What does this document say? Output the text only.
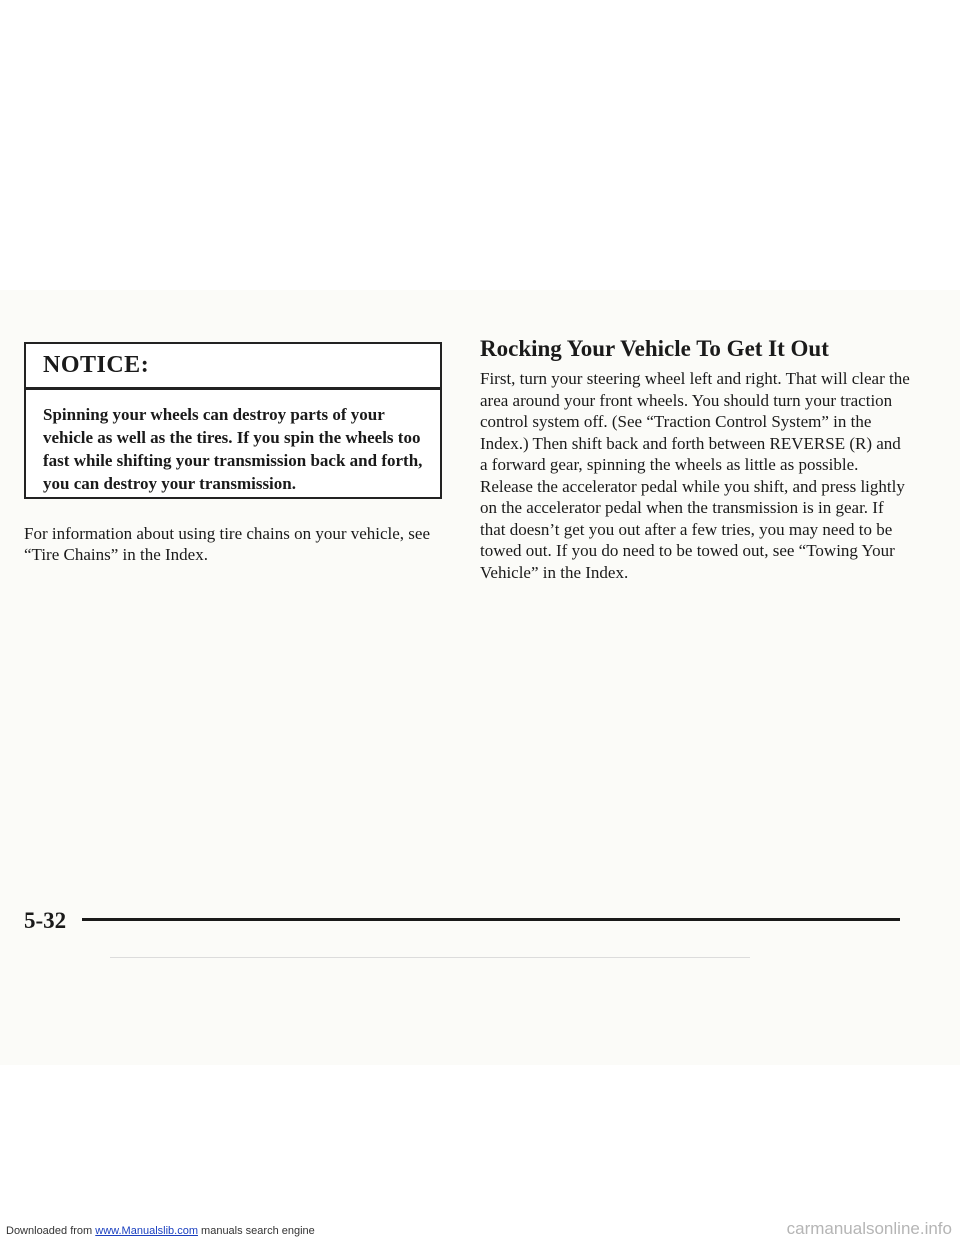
NOTICE:
Spinning your wheels can destroy parts of your vehicle as well as the tires. If you spin the wheels too fast while shifting your transmission back and forth, you can destroy your transmission.
For information about using tire chains on your vehicle, see “Tire Chains” in the Index.
Rocking Your Vehicle To Get It Out
First, turn your steering wheel left and right. That will clear the area around your front wheels. You should turn your traction control system off. (See “Traction Control System” in the Index.) Then shift back and forth between REVERSE (R) and a forward gear, spinning the wheels as little as possible. Release the accelerator pedal while you shift, and press lightly on the accelerator pedal when the transmission is in gear. If that doesn’t get you out after a few tries, you may need to be towed out. If you do need to be towed out, see “Towing Your Vehicle” in the Index.
5-32
Downloaded from www.Manualslib.com manuals search engine	carmanualsonline.info
